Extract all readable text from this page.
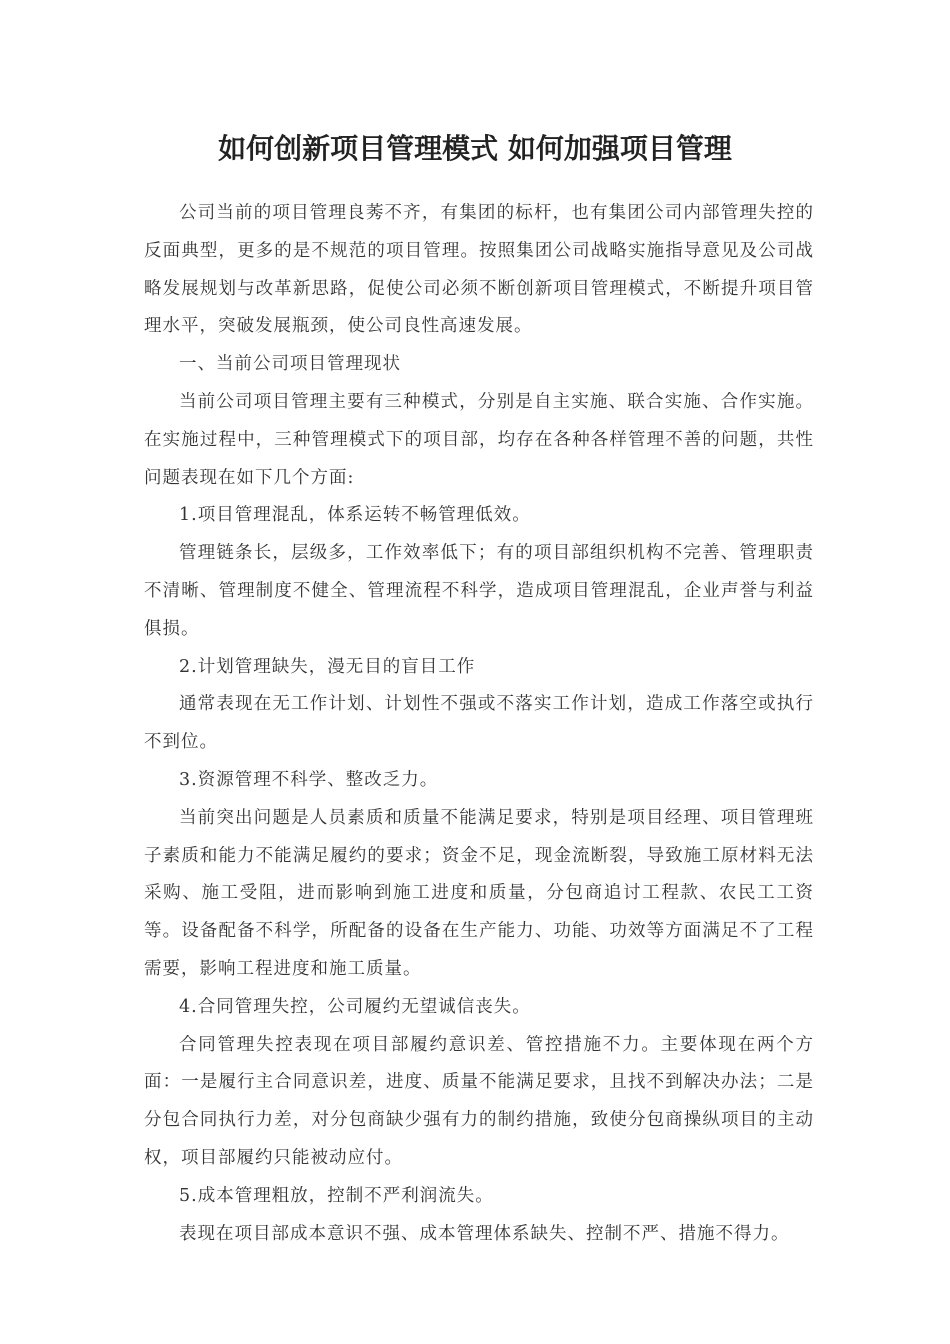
如何创新项目管理模式 如何加强项目管理

公司当前的项目管理良莠不齐，有集团的标杆，也有集团公司内部管理失控的反面典型，更多的是不规范的项目管理。按照集团公司战略实施指导意见及公司战略发展规划与改革新思路，促使公司必须不断创新项目管理模式，不断提升项目管理水平，突破发展瓶颈，使公司良性高速发展。

一、当前公司项目管理现状

当前公司项目管理主要有三种模式，分别是自主实施、联合实施、合作实施。在实施过程中，三种管理模式下的项目部，均存在各种各样管理不善的问题，共性问题表现在如下几个方面:

1.项目管理混乱，体系运转不畅管理低效。

管理链条长，层级多，工作效率低下；有的项目部组织机构不完善、管理职责不清晰、管理制度不健全、管理流程不科学，造成项目管理混乱，企业声誉与利益俱损。

2.计划管理缺失，漫无目的盲目工作

通常表现在无工作计划、计划性不强或不落实工作计划，造成工作落空或执行不到位。

3.资源管理不科学、整改乏力。

当前突出问题是人员素质和质量不能满足要求，特别是项目经理、项目管理班子素质和能力不能满足履约的要求；资金不足，现金流断裂，导致施工原材料无法采购、施工受阻，进而影响到施工进度和质量，分包商追讨工程款、农民工工资等。设备配备不科学，所配备的设备在生产能力、功能、功效等方面满足不了工程需要，影响工程进度和施工质量。

4.合同管理失控，公司履约无望诚信丧失。

合同管理失控表现在项目部履约意识差、管控措施不力。主要体现在两个方面：一是履行主合同意识差，进度、质量不能满足要求，且找不到解决办法；二是分包合同执行力差，对分包商缺少强有力的制约措施，致使分包商操纵项目的主动权，项目部履约只能被动应付。

5.成本管理粗放，控制不严利润流失。

表现在项目部成本意识不强、成本管理体系缺失、控制不严、措施不得力。
